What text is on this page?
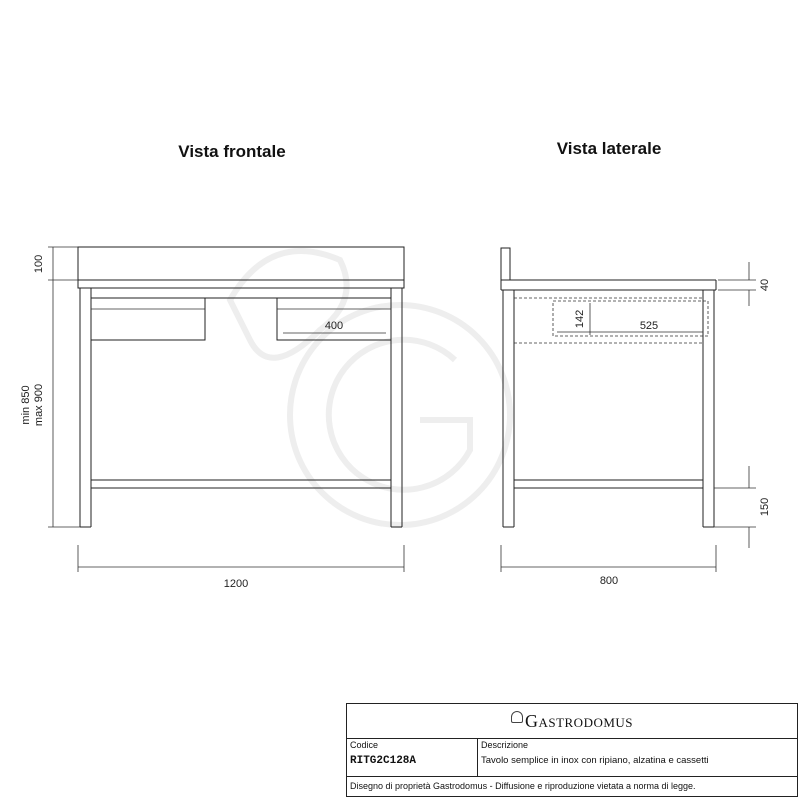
Vista frontale	Vista laterale
100
min 850 max 900
400
1200
40
142	525
150
800
Gastrodomus
Codice
RITG2C128A
Descrizione
Tavolo semplice in inox con ripiano, alzatina e cassetti
Disegno di proprietà Gastrodomus - Diffusione e riproduzione vietata a norma di legge.
